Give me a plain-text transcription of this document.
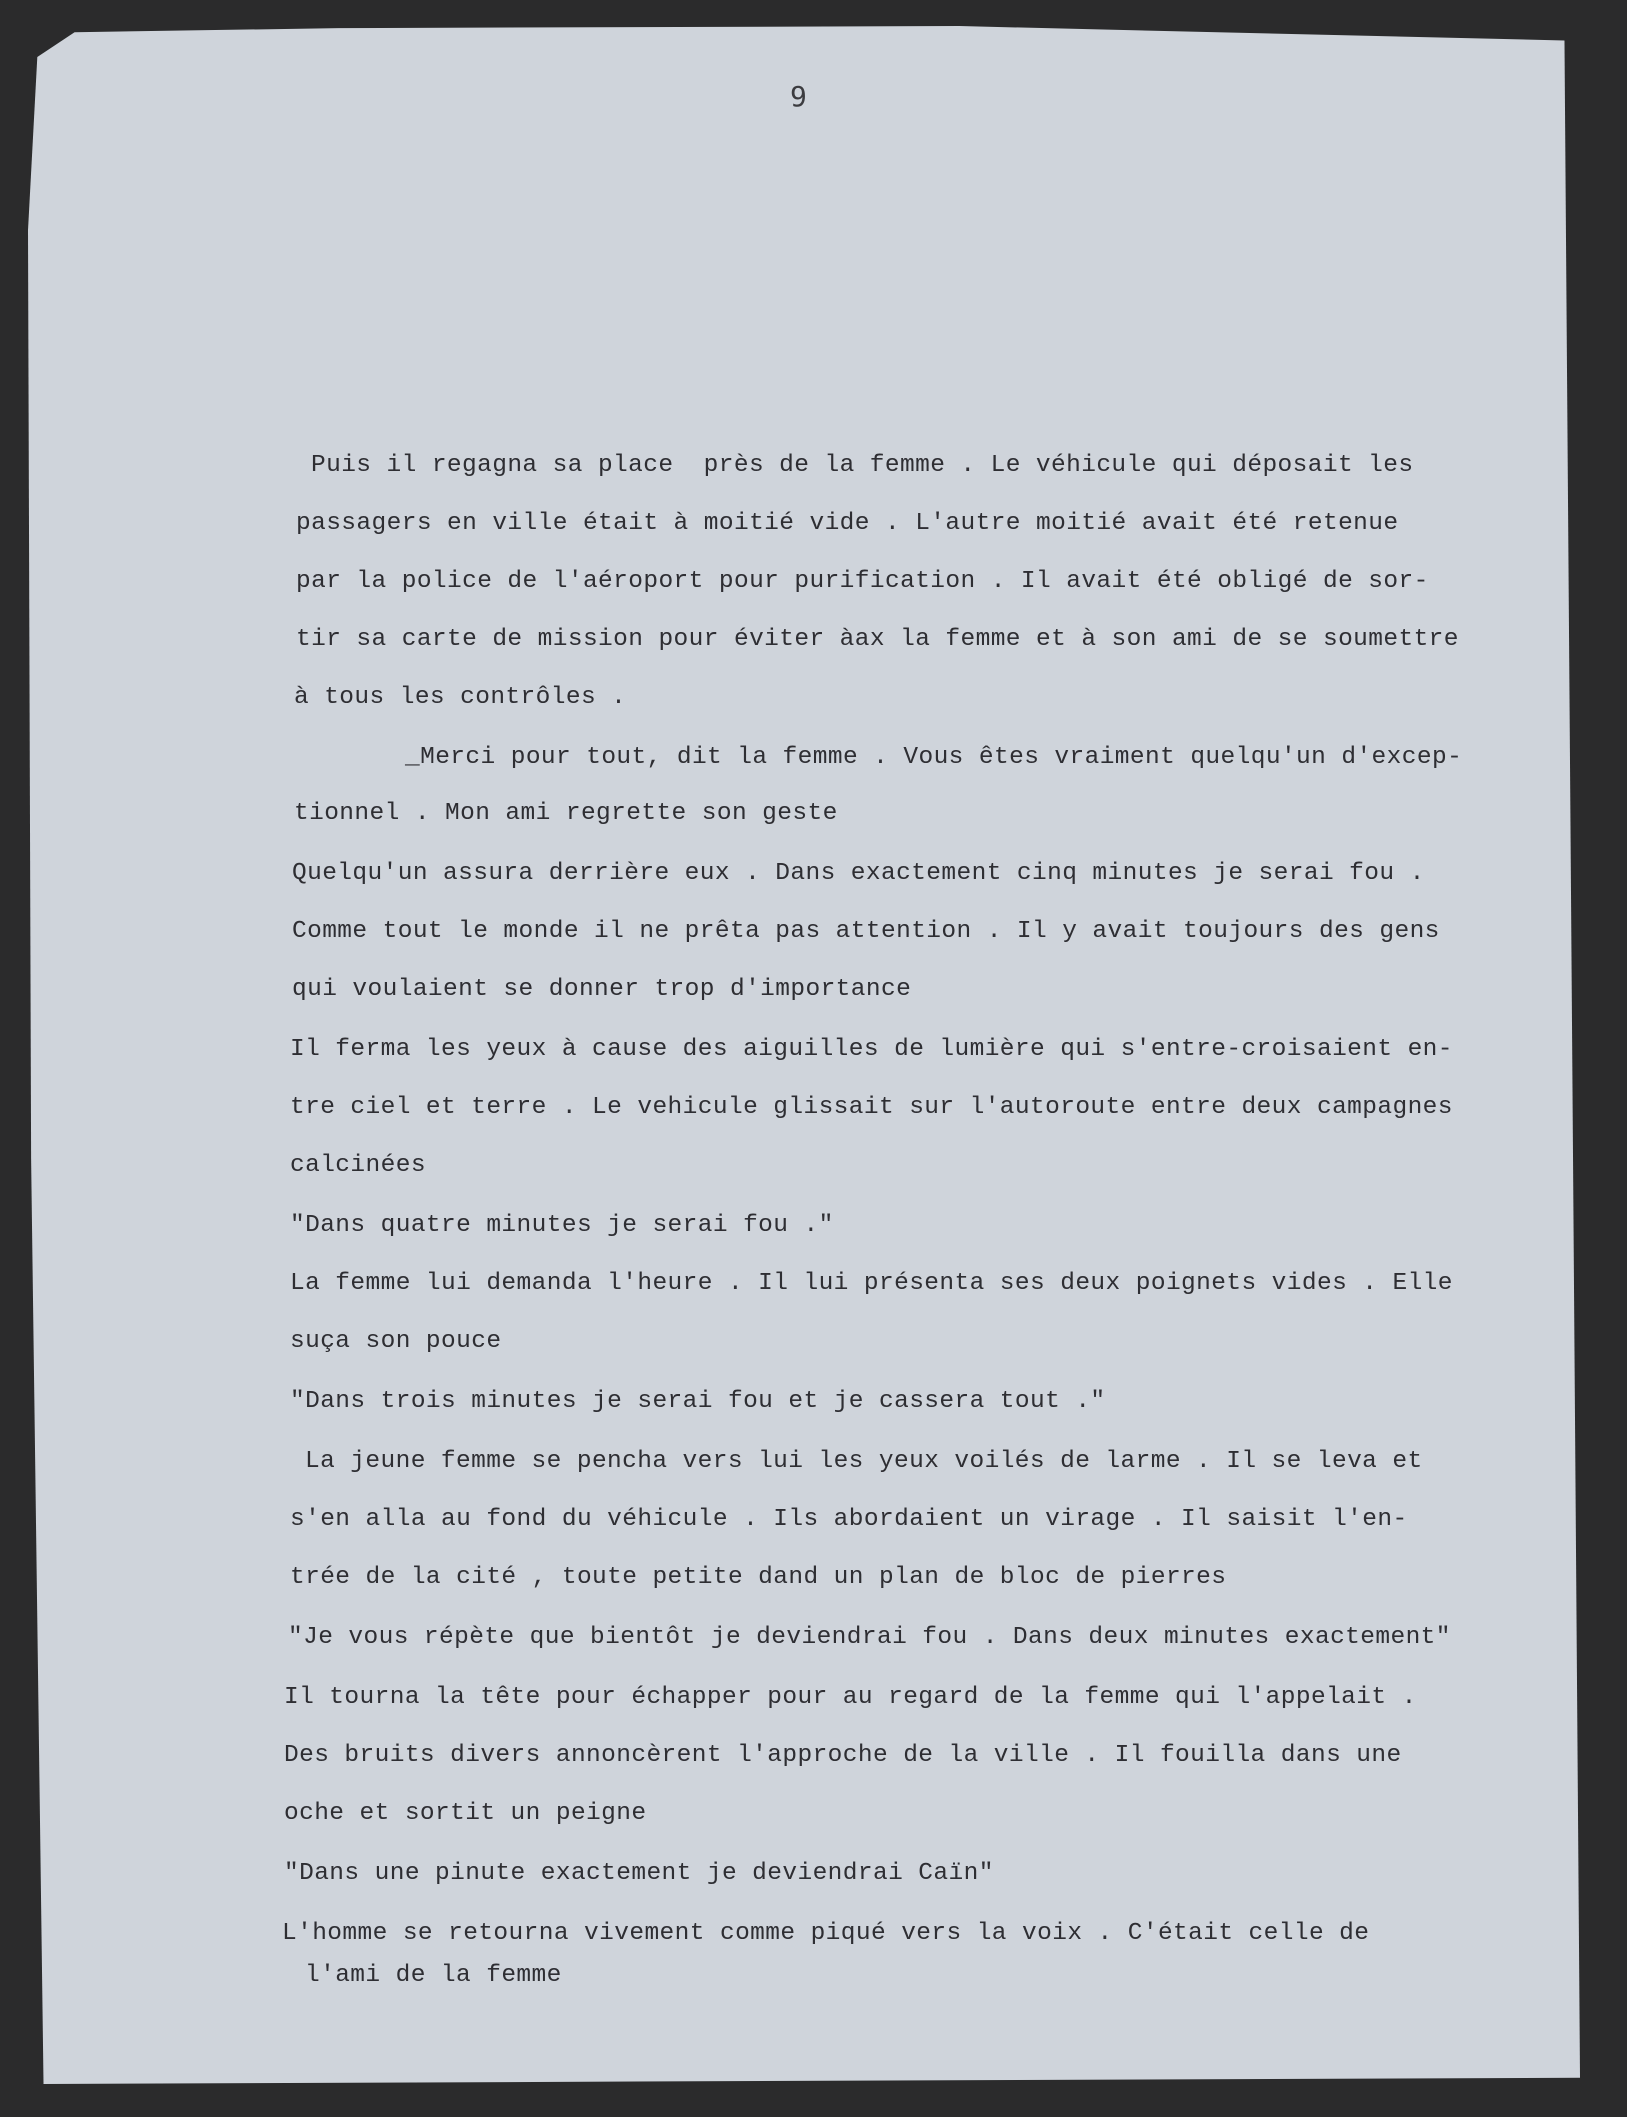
9

Puis il regagna sa place  près de la femme . Le véhicule qui déposait les

passagers en ville était à moitié vide . L'autre moitié avait été retenue

par la police de l'aéroport pour purification . Il avait été obligé de sor-

tir sa carte de mission pour éviter àax la femme et à son ami de se soumettre

à tous les contrôles .

_Merci pour tout, dit la femme . Vous êtes vraiment quelqu'un d'excep-

tionnel . Mon ami regrette son geste

Quelqu'un assura derrière eux . Dans exactement cinq minutes je serai fou .

Comme tout le monde il ne prêta pas attention . Il y avait toujours des gens

qui voulaient se donner trop d'importance

Il ferma les yeux à cause des aiguilles de lumière qui s'entre-croisaient en-

tre ciel et terre . Le vehicule glissait sur l'autoroute entre deux campagnes

calcinées

"Dans quatre minutes je serai fou ."

La femme lui demanda l'heure . Il lui présenta ses deux poignets vides . Elle

suça son pouce

"Dans trois minutes je serai fou et je cassera tout ."

La jeune femme se pencha vers lui les yeux voilés de larme . Il se leva et

s'en alla au fond du véhicule . Ils abordaient un virage . Il saisit l'en-

trée de la cité , toute petite dand un plan de bloc de pierres

"Je vous répète que bientôt je deviendrai fou . Dans deux minutes exactement"

Il tourna la tête pour échapper pour au regard de la femme qui l'appelait .

Des bruits divers annoncèrent l'approche de la ville . Il fouilla dans une

oche et sortit un peigne

"Dans une pinute exactement je deviendrai Caïn"

L'homme se retourna vivement comme piqué vers la voix . C'était celle de

l'ami de la femme
